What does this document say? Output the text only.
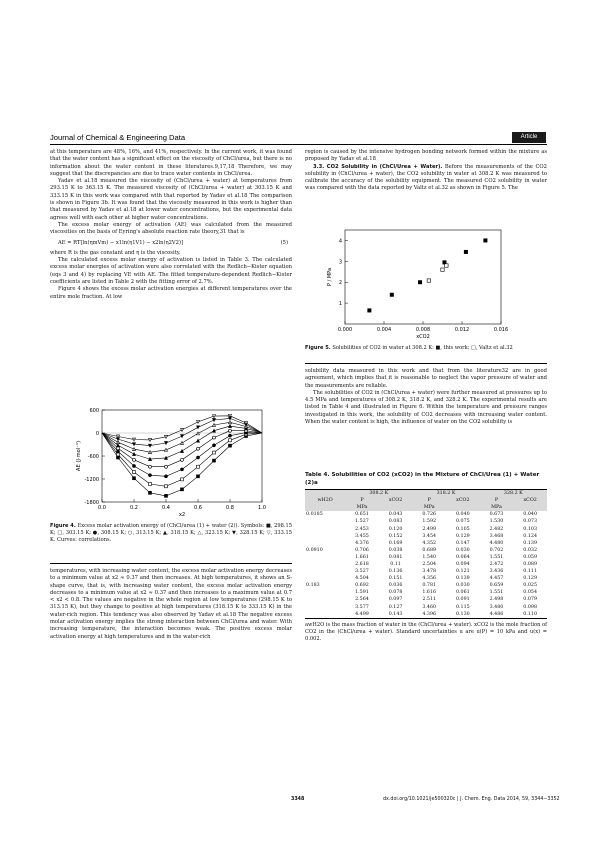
Journal of Chemical & Engineering Data	Article

at this temperature are 48%, 16%, and 41%, respectively. In the current work, it was found that the water content has a significant effect on the viscosity of ChCl/urea, but there is no information about the water content in these literatures.9,17,18 Therefore, we may suggest that the discrepancies are due to trace water contents in ChCl/urea.

Yadav et al.18 measured the viscosity of (ChCl/urea + water) at temperatures from 293.15 K to 363.15 K. The measured viscosity of (ChCl/urea + water) at 303.15 K and 333.15 K in this work was compared with that reported by Yadav et al.18 The comparison is shown in Figure 3b. It was found that the viscosity measured in this work is higher than that measured by Yadav et al.18 at lower water concentrations, but the experimental data agrees well with each other at higher water concentrations.

The excess molar energy of activation (AE) was calculated from the measured viscosities on the basis of Eyring's absolute reaction rate theory,31 that is

AE = RT[ln(ηmVm) − x1ln(η1V1) − x2ln(η2V2)]	(5)

where R is the gas constant and η is the viscosity.

The calculated excess molar energy of activation is listed in Table 3. The calculated excess molar energies of activation were also correlated with the Redlich−Kister equation (eqs 3 and 4) by replacing VE with AE. The fitted temperature-dependent Redlich−Kister coefficients are listed in Table 2 with the fitting error of 2.7%.

Figure 4 shows the excess molar activation energies at different temperatures over the entire mole fraction. At low

600
0
-600
-1200
-1800
0.0	0.2	0.4	0.6	0.8	1.0
x2
AE (J·mol⁻¹)
Figure 4. Excess molar activation energy of (ChCl/urea (1) + water (2)). Symbols: ■, 298.15 K; □, 303.15 K; ●, 308.15 K; ○, 313.15 K; ▲, 318.15 K; △, 323.15 K; ▼, 328.15 K; ▽, 333.15 K. Curves: correlations.

temperatures, with increasing water content, the excess molar activation energy decreases to a minimum value at x2 ≈ 0.37 and then increases. At high temperatures, it shows an S-shape curve, that is, with increasing water content, the excess molar activation energy decreases to a minimum value at x2 ≈ 0.37 and then increases to a maximum value at 0.7 < x2 < 0.8. The values are negative in the whole region at low temperatures (298.15 K to 313.15 K), but they change to positive at high temperatures (318.15 K to 333.15 K) in the water-rich region. This tendency was also observed by Yadav et al.18 The negative excess molar activation energy implies the strong interaction between ChCl/urea and water. With increasing temperature, the interaction becomes weak. The positive excess molar activation energy at high temperatures and in the water-rich

region is caused by the intensive hydrogen bonding network formed within the mixture as proposed by Yadav et al.18

3.3. CO2 Solubility in (ChCl/Urea + Water). Before the measurements of the CO2 solubility in (ChCl/urea + water), the CO2 solubility in water at 308.2 K was measured to calibrate the accuracy of the solubility equipment. The measured CO2 solubility in water was compared with the data reported by Valtz et al.32 as shown in Figure 5. The

1
2
3
4
0.000	0.004	0.008	0.012	0.016
xCO2
P / MPa
Figure 5. Solubilities of CO2 in water at 308.2 K: ■, this work; □, Valtz et al.32

solubility data measured in this work and that from the literature32 are in good agreement, which implies that it is reasonable to neglect the vapor pressure of water and the measurements are reliable.

The solubilities of CO2 in (ChCl/urea + water) were further measured at pressures up to 4.5 MPa and temperatures of 308.2 K, 318.2 K, and 328.2 K. The experimental results are listed in Table 4 and illustrated in Figure 6. Within the temperature and pressure ranges investigated in this work, the solubility of CO2 decreases with increasing water content. When the water content is high, the influence of water on the CO2 solubility is

Table 4. Solubilities of CO2 (xCO2) in the Mixture of ChCl/Urea (1) + Water (2)a
	308.2 K		318.2 K		328.2 K	
wH2O	P	xCO2	P	xCO2	P	xCO2
	MPa		MPa		MPa	
0.0185	0.651	0.043	0.726	0.040	0.673	0.040
	1.527	0.083	1.592	0.075	1.530	0.073
	2.453	0.120	2.499	0.105	2.482	0.103
	3.455	0.152	3.454	0.129	3.468	0.124
	4.376	0.169	4.352	0.147	4.480	0.139
0.0910	0.706	0.038	0.689	0.030	0.702	0.032
	1.661	0.081	1.540	0.064	1.551	0.059
	2.618	0.11	2.504	0.094	2.472	0.089
	3.527	0.136	3.478	0.121	3.436	0.111
	4.504	0.151	4.356	0.139	4.457	0.129
0.183	0.692	0.036	0.781	0.030	0.659	0.025
	1.591	0.078	1.616	0.061	1.551	0.054
	2.564	0.097	2.511	0.091	2.498	0.079
	3.577	0.127	3.460	0.115	3.480	0.098
	4.499	0.143	4.396	0.130	4.486	0.110
awH2O is the mass fraction of water in the (ChCl/urea + water). xCO2 is the mole fraction of CO2 in the (ChCl/urea + water). Standard uncertainties u are u(P) = 10 kPa and u(x) = 0.002.
3348	dx.doi.org/10.1021/je500320c | J. Chem. Eng. Data 2014, 59, 3344−3352
